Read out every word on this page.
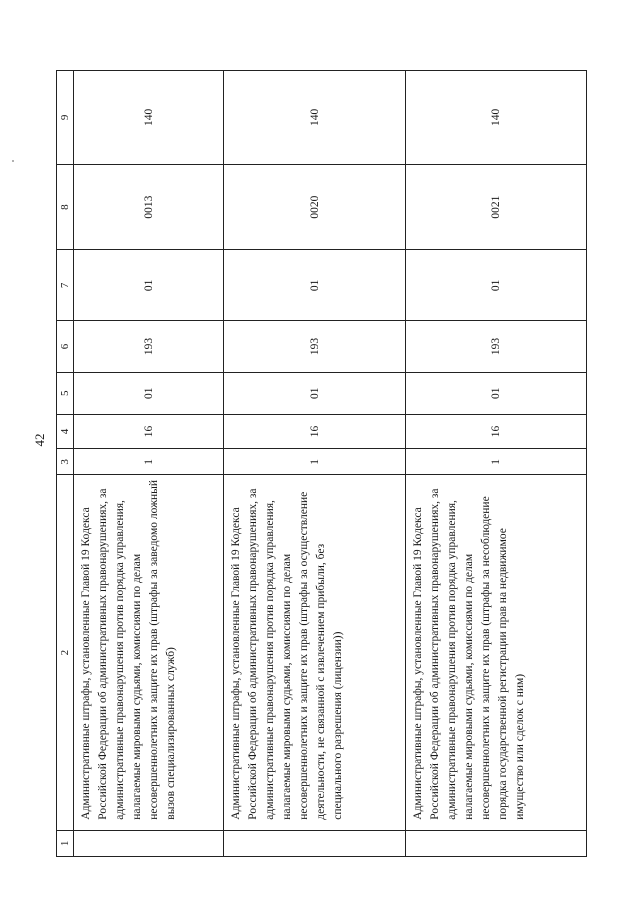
42
1	2	3	4	5	6	7	8	9
	Административные штрафы, установленные Главой 19 Кодекса Российской Федерации об административных правонарушениях, за административные правонарушения против порядка управления, налагаемые мировыми судьями, комиссиями по делам несовершеннолетних и защите их прав (штрафы за заведомо ложный вызов специализированных служб)	1	16	01	193	01	0013	140
	Административные штрафы, установленные Главой 19 Кодекса Российской Федерации об административных правонарушениях, за административные правонарушения против порядка управления, налагаемые мировыми судьями, комиссиями по делам несовершеннолетних и защите их прав (штрафы за осуществление деятельности, не связанной с извлечением прибыли, без специального разрешения (лицензии))	1	16	01	193	01	0020	140
	Административные штрафы, установленные Главой 19 Кодекса Российской Федерации об административных правонарушениях, за административные правонарушения против порядка управления, налагаемые мировыми судьями, комиссиями по делам несовершеннолетних и защите их прав (штрафы за несоблюдение порядка государственной регистрации прав на недвижимое имущество или сделок с ним)	1	16	01	193	01	0021	140
